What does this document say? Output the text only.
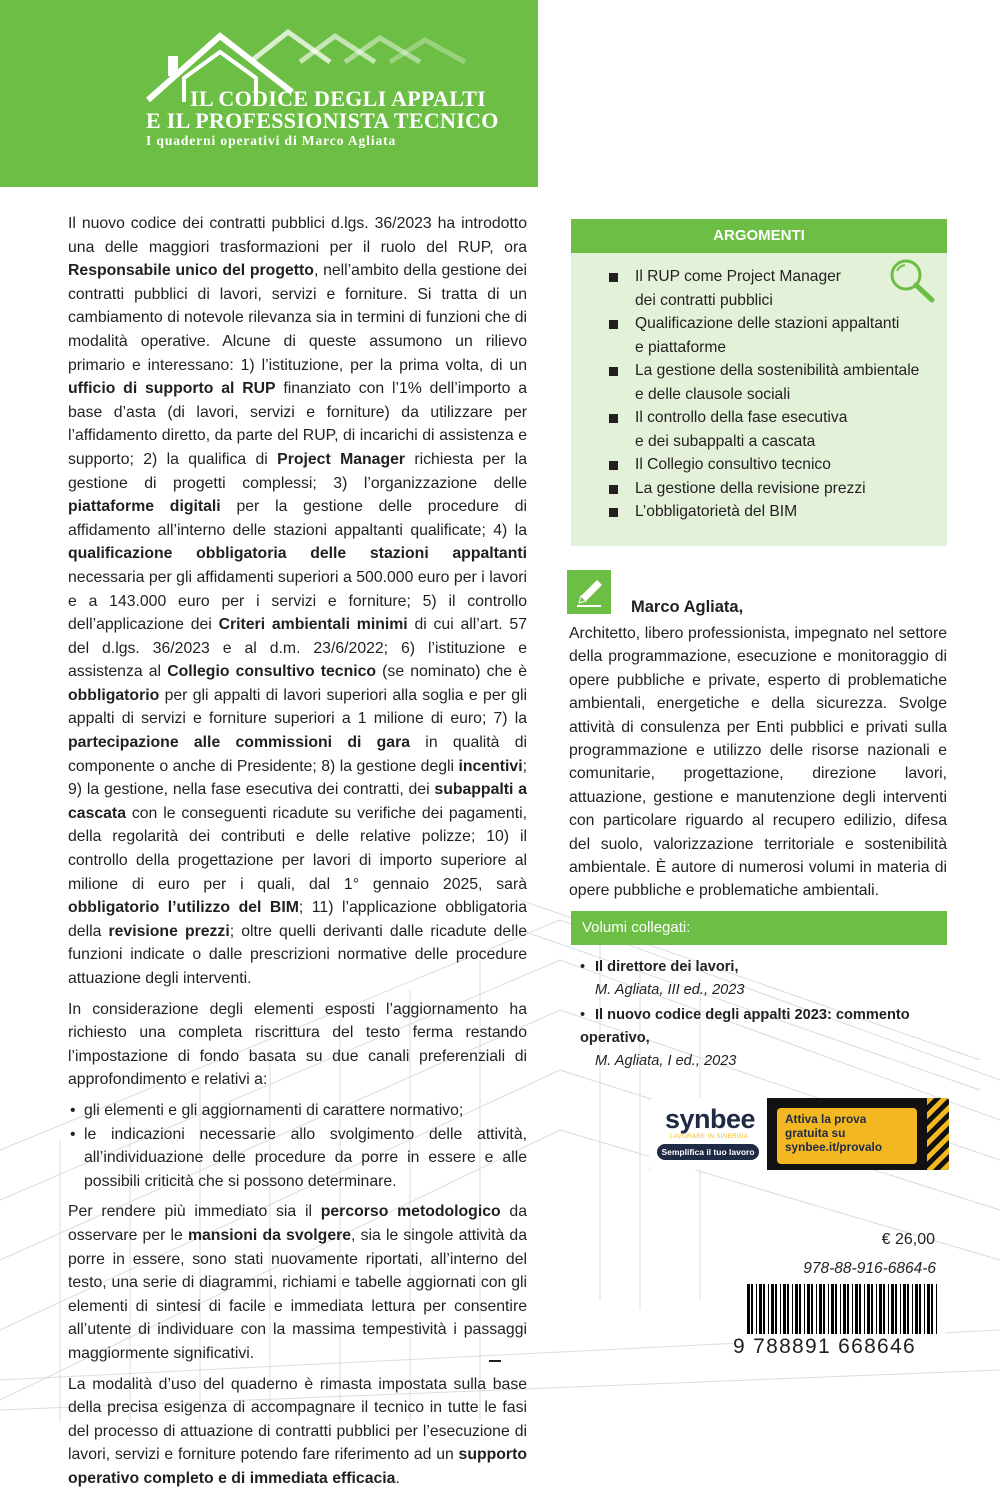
IL CODICE DEGLI APPALTI
E IL PROFESSIONISTA TECNICO
I quaderni operativi di Marco Agliata

Il nuovo codice dei contratti pubblici d.lgs. 36/2023 ha introdotto una delle maggiori trasformazioni per il ruolo del RUP, ora Responsabile unico del progetto, nell’ambito della gestione dei contratti pubblici di lavori, servizi e forniture. Si tratta di un cambiamento di notevole rilevanza sia in termini di funzioni che di modalità operative. Alcune di queste assumono un rilievo primario e interessano: 1) l’istituzione, per la prima volta, di un ufficio di supporto al RUP finanziato con l’1% dell’importo a base d’asta (di lavori, servizi e forniture) da utilizzare per l’affidamento diretto, da parte del RUP, di incarichi di assistenza e supporto; 2) la qualifica di Project Manager richiesta per la gestione di progetti complessi; 3) l’organizzazione delle piattaforme digitali per la gestione delle procedure di affidamento all’interno delle stazioni appaltanti qualificate; 4) la qualificazione obbligatoria delle stazioni appaltanti necessaria per gli affidamenti superiori a 500.000 euro per i lavori e a 143.000 euro per i servizi e forniture; 5) il controllo dell’applicazione dei Criteri ambientali minimi di cui all’art. 57 del d.lgs. 36/2023 e al d.m. 23/6/2022; 6) l’istituzione e assistenza al Collegio consultivo tecnico (se nominato) che è obbligatorio per gli appalti di lavori superiori alla soglia e per gli appalti di servizi e forniture superiori a 1 milione di euro; 7) la partecipazione alle commissioni di gara in qualità di componente o anche di Presidente; 8) la gestione degli incentivi; 9) la gestione, nella fase esecutiva dei contratti, dei subappalti a cascata con le conseguenti ricadute su verifiche dei pagamenti, della regolarità dei contributi e delle relative polizze; 10) il controllo della progettazione per lavori di importo superiore al milione di euro per i quali, dal 1° gennaio 2025, sarà obbligatorio l’utilizzo del BIM; 11) l’applicazione obbligatoria della revisione prezzi; oltre quelli derivanti dalle ricadute delle funzioni indicate o dalle prescrizioni normative delle procedure attuazione degli interventi.

In considerazione degli elementi esposti l’aggiornamento ha richiesto una completa riscrittura del testo ferma restando l’impostazione di fondo basata su due canali preferenziali di approfondimento e relativi a:

• gli elementi e gli aggiornamenti di carattere normativo;
• le indicazioni necessarie allo svolgimento delle attività, all’individuazione delle procedure da porre in essere e alle possibili criticità che si possono determinare.

Per rendere più immediato sia il percorso metodologico da osservare per le mansioni da svolgere, sia le singole attività da porre in essere, sono stati nuovamente riportati, all’interno del testo, una serie di diagrammi, richiami e tabelle aggiornati con gli elementi di sintesi di facile e immediata lettura per consentire all’utente di individuare con la massima tempestività i passaggi maggiormente significativi.

La modalità d’uso del quaderno è rimasta impostata sulla base della precisa esigenza di accompagnare il tecnico in tutte le fasi del processo di attuazione di contratti pubblici per l’esecuzione di lavori, servizi e forniture potendo fare riferimento ad un supporto operativo completo e di immediata efficacia.

ARGOMENTI
Il RUP come Project Manager
dei contratti pubblici
Qualificazione delle stazioni appaltanti
e piattaforme
La gestione della sostenibilità ambientale
e delle clausole sociali
Il controllo della fase esecutiva
e dei subappalti a cascata
Il Collegio consultivo tecnico
La gestione della revisione prezzi
L’obbligatorietà del BIM
Marco Agliata,
Architetto, libero professionista, impegnato nel settore della programmazione, esecuzione e monitoraggio di opere pubbliche e private, esperto di problematiche ambientali, energetiche e della sicurezza. Svolge attività di consulenza per Enti pubblici e privati sulla programmazione e utilizzo delle risorse nazionali e comunitarie, progettazione, direzione lavori, attuazione, gestione e manutenzione degli interventi con particolare riguardo al recupero edilizio, difesa del suolo, valorizzazione territoriale e sostenibilità ambientale. È autore di numerosi volumi in materia di opere pubbliche e problematiche ambientali.
Volumi collegati:
• Il direttore dei lavori,
M. Agliata, III ed., 2023
• Il nuovo codice degli appalti 2023: commento operativo,
M. Agliata, I ed., 2023
synbee
LAVORARE IN SINERGIA
Semplifica il tuo lavoro
Attiva la prova gratuita su synbee.it/provalo
€ 26,00
978-88-916-6864-6
9 788891 668646
